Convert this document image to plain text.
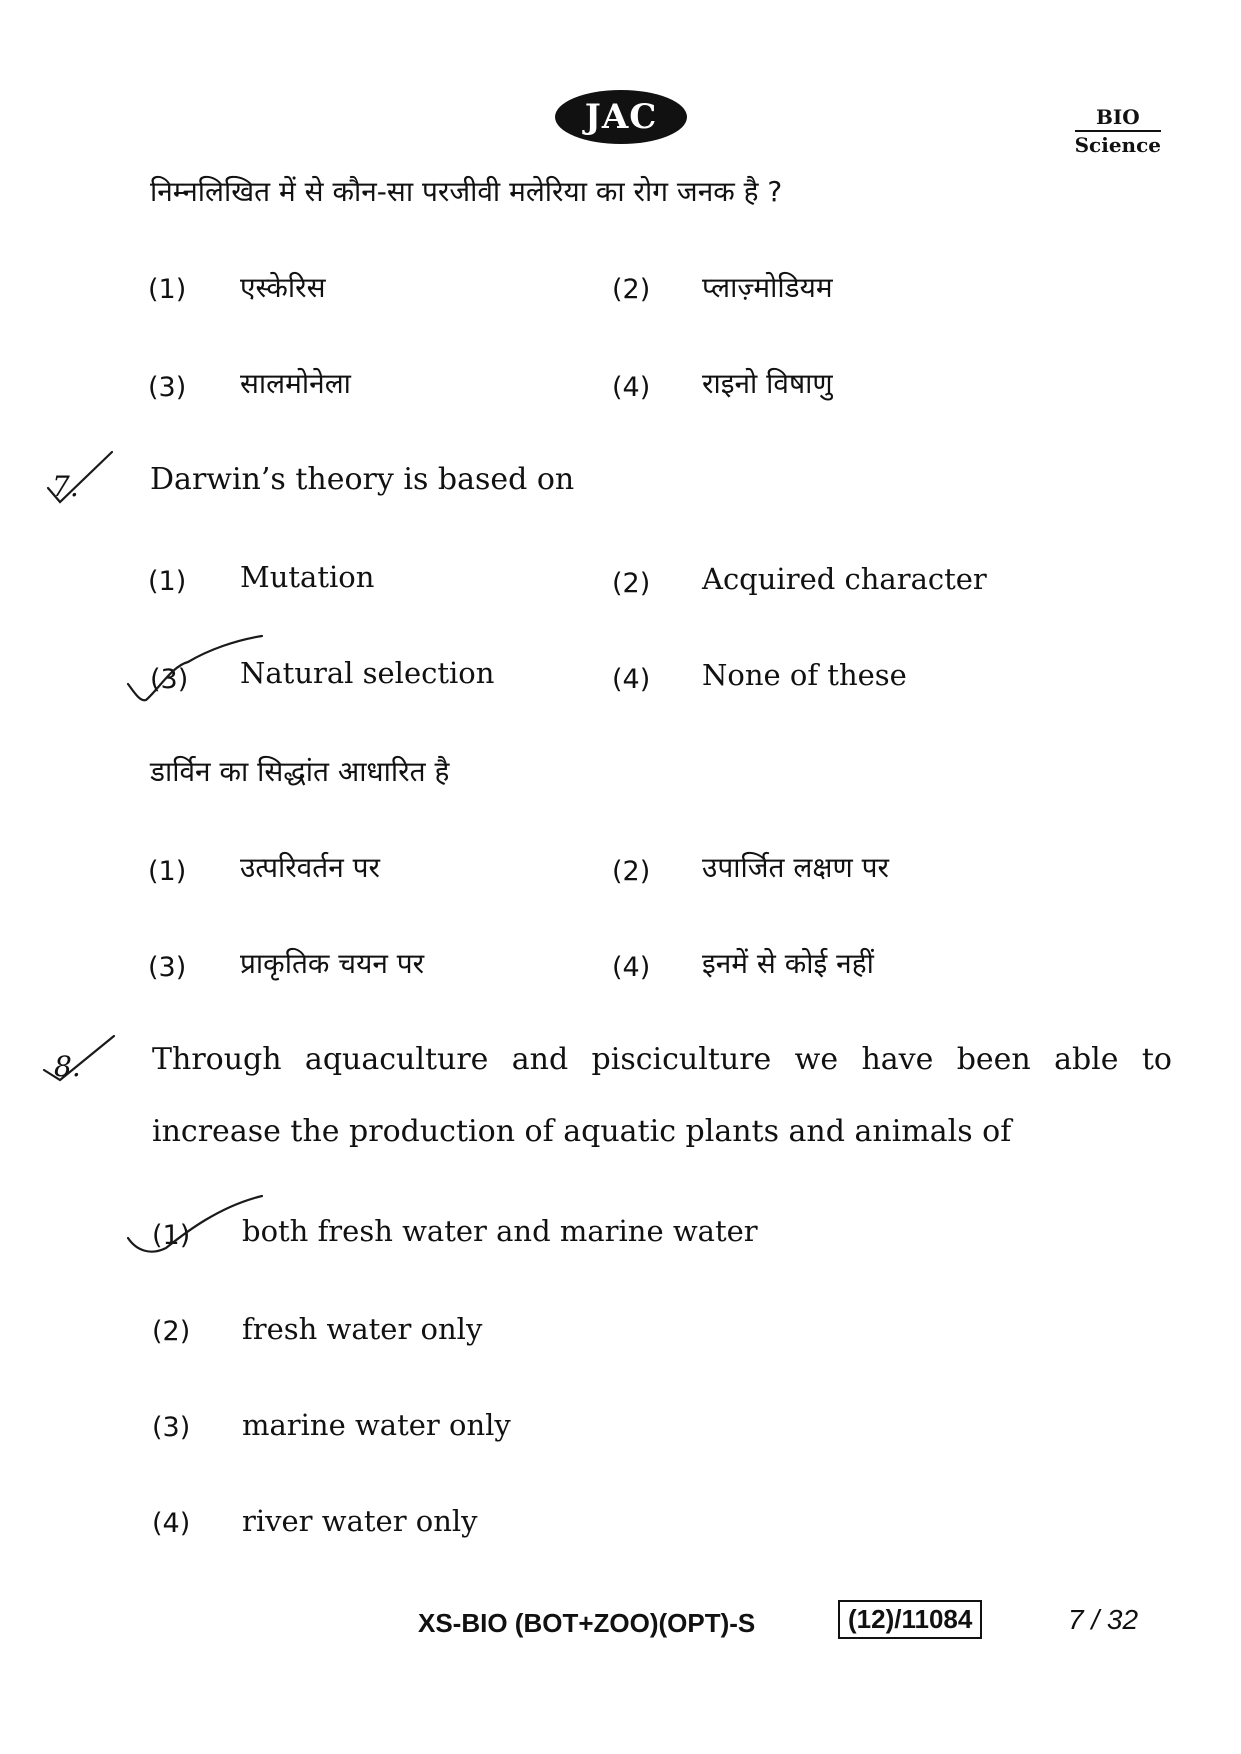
JAC	BIO
Science
निम्नलिखित में से कौन-सा परजीवी मलेरिया का रोग जनक है ?
(1) एस्केरिस	(2) प्लाज़्मोडियम
(3) सालमोनेला	(4) राइनो विषाणु
7. Darwin’s theory is based on
(1) Mutation	(2) Acquired character
(3) Natural selection	(4) None of these
डार्विन का सिद्धांत आधारित है
(1) उत्परिवर्तन पर	(2) उपार्जित लक्षण पर
(3) प्राकृतिक चयन पर	(4) इनमें से कोई नहीं
8. Through aquaculture and pisciculture we have been able to
increase the production of aquatic plants and animals of
(1) both fresh water and marine water
(2) fresh water only
(3) marine water only
(4) river water only
XS-BIO (BOT+ZOO)(OPT)-S	(12)/11084	7 / 32
